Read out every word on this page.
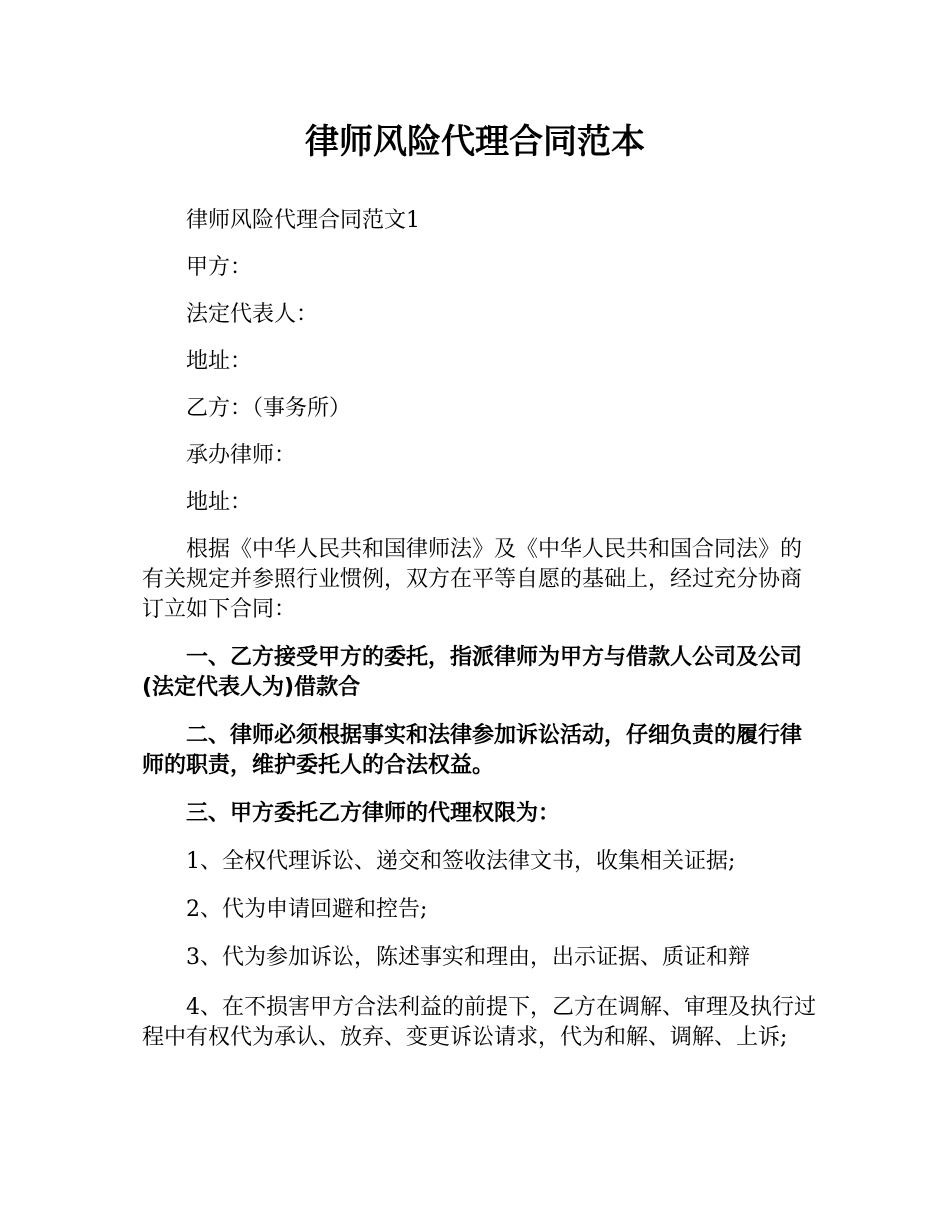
律师风险代理合同范本

律师风险代理合同范文1

甲方：

法定代表人：

地址：

乙方：（事务所）

承办律师：

地址：

根据《中华人民共和国律师法》及《中华人民共和国合同法》的有关规定并参照行业惯例，双方在平等自愿的基础上，经过充分协商订立如下合同：

一、乙方接受甲方的委托，指派律师为甲方与借款人公司及公司(法定代表人为)借款合

二、律师必须根据事实和法律参加诉讼活动，仔细负责的履行律师的职责，维护委托人的合法权益。

三、甲方委托乙方律师的代理权限为：

1、全权代理诉讼、递交和签收法律文书，收集相关证据;

2、代为申请回避和控告;

3、代为参加诉讼，陈述事实和理由，出示证据、质证和辩

4、在不损害甲方合法利益的前提下，乙方在调解、审理及执行过程中有权代为承认、放弃、变更诉讼请求，代为和解、调解、上诉;
